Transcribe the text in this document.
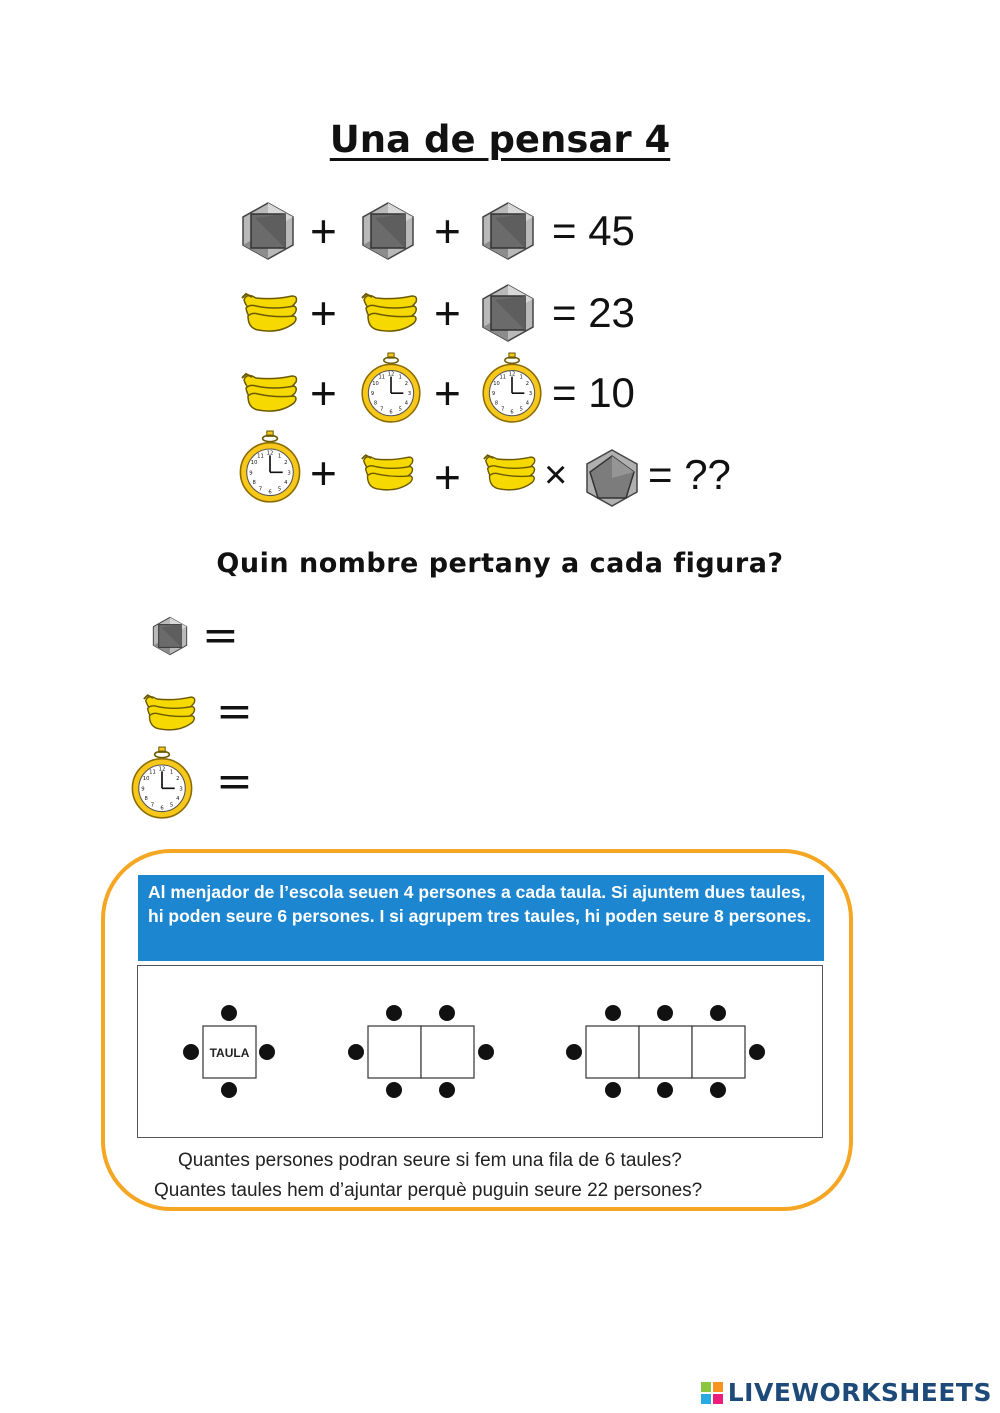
Una de pensar 4
+ + = 45
+ + = 23
+ + = 10
+ + × = ??
Quin nombre pertany a cada figura?
=
=
=
Al menjador de l’escola seuen 4 persones a cada taula. Si ajuntem dues taules, hi poden seure 6 persones. I si agrupem tres taules, hi poden seure 8 persones.
TAULA
Quantes persones podran seure si fem una fila de 6 taules?
Quantes taules hem d’ajuntar perquè puguin seure 22 persones?
LIVEWORKSHEETS
